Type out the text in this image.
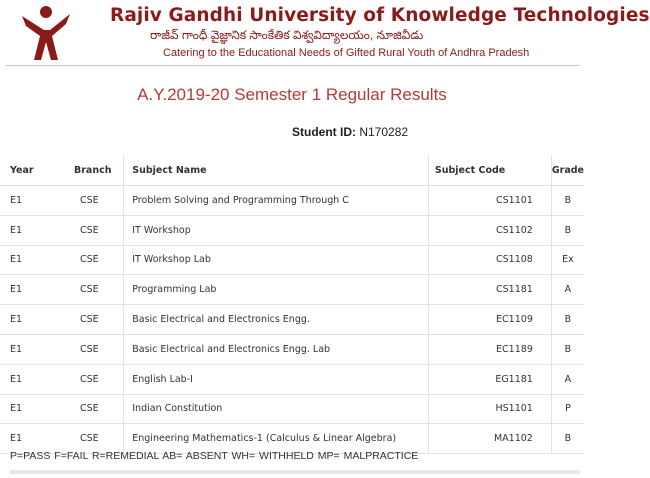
Rajiv Gandhi University of Knowledge Technologies
రాజీవ్ గాంధీ వైజ్ఞానిక సాంకేతిక విశ్వవిద్యాలయం, నూజివీడు
Catering to the Educational Needs of Gifted Rural Youth of Andhra Pradesh
A.Y.2019-20 Semester 1 Regular Results
Student ID: N170282
Year	Branch	Subject Name	Subject Code	Grade
E1	CSE	Problem Solving and Programming Through C	CS1101	B
E1	CSE	IT Workshop	CS1102	B
E1	CSE	IT Workshop Lab	CS1108	Ex
E1	CSE	Programming Lab	CS1181	A
E1	CSE	Basic Electrical and Electronics Engg.	EC1109	B
E1	CSE	Basic Electrical and Electronics Engg. Lab	EC1189	B
E1	CSE	English Lab-I	EG1181	A
E1	CSE	Indian Constitution	HS1101	P
E1	CSE	Engineering Mathematics-1 (Calculus & Linear Algebra)	MA1102	B
P=PASS F=FAIL R=REMEDIAL AB= ABSENT WH= WITHHELD MP= MALPRACTICE
